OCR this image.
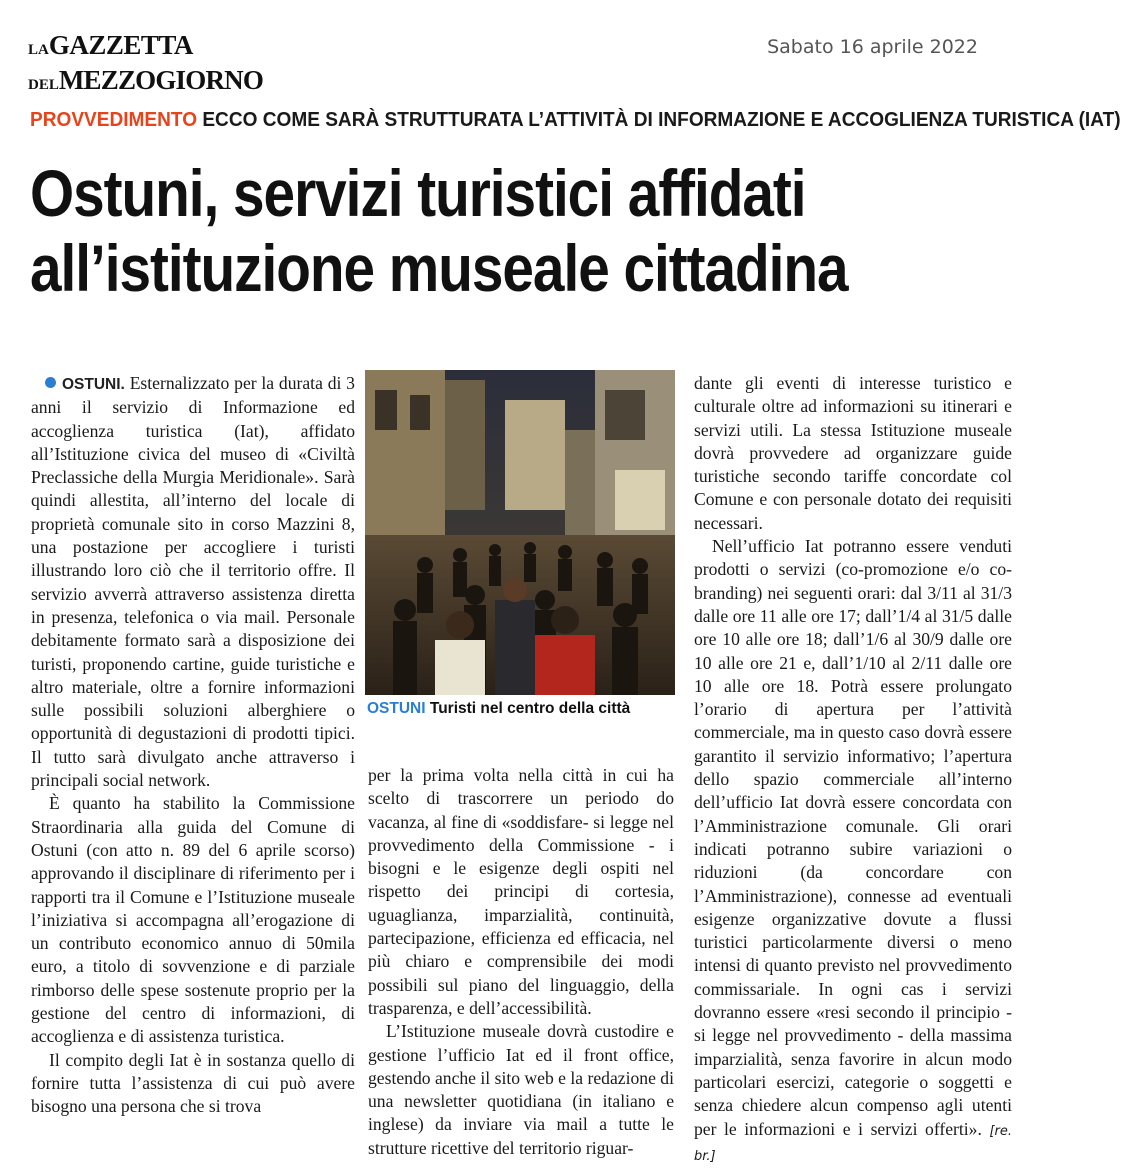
LAGAZZETTA
DELMEZZOGIORNO
Sabato 16 aprile 2022
PROVVEDIMENTO ECCO COME SARÀ STRUTTURATA L’ATTIVITÀ DI INFORMAZIONE E ACCOGLIENZA TURISTICA (IAT)
Ostuni, servizi turistici affidati
all’istituzione museale cittadina

OSTUNI. Esternalizzato per la durata di 3 anni il servizio di Informazione ed accoglienza turistica (Iat), affidato all’Istituzione civica del museo di «Civiltà Preclassiche della Murgia Meridionale». Sarà quindi allestita, all’interno del locale di proprietà comunale sito in corso Mazzini 8, una postazione per accogliere i turisti illustrando loro ciò che il territorio offre. Il servizio avverrà attraverso assistenza diretta in presenza, telefonica o via mail. Personale debitamente formato sarà a disposizione dei turisti, proponendo cartine, guide turistiche e altro materiale, oltre a fornire informazioni sulle possibili soluzioni alberghiere o opportunità di degustazioni di prodotti tipici. Il tutto sarà divulgato anche attraverso i principali social network.

È quanto ha stabilito la Commissione Straordinaria alla guida del Comune di Ostuni (con atto n. 89 del 6 aprile scorso) approvando il disciplinare di riferimento per i rapporti tra il Comune e l’Istituzione museale l’iniziativa si accompagna all’erogazione di un contributo economico annuo di 50mila euro, a titolo di sovvenzione e di parziale rimborso delle spese sostenute proprio per la gestione del centro di informazioni, di accoglienza e di assistenza turistica.

Il compito degli Iat è in sostanza quello di fornire tutta l’assistenza di cui può avere bisogno una persona che si trova

OSTUNI Turisti nel centro della città

per la prima volta nella città in cui ha scelto di trascorrere un periodo do vacanza, al fine di «soddisfare- si legge nel provvedimento della Commissione - i bisogni e le esigenze degli ospiti nel rispetto dei principi di cortesia, uguaglianza, imparzialità, continuità, partecipazione, efficienza ed efficacia, nel più chiaro e comprensibile dei modi possibili sul piano del linguaggio, della trasparenza, e dell’accessibilità.

L’Istituzione museale dovrà custodire e gestione l’ufficio Iat ed il front office, gestendo anche il sito web e la redazione di una newsletter quotidiana (in italiano e inglese) da inviare via mail a tutte le strutture ricettive del territorio riguar-

dante gli eventi di interesse turistico e culturale oltre ad informazioni su itinerari e servizi utili. La stessa Istituzione museale dovrà provvedere ad organizzare guide turistiche secondo tariffe concordate col Comune e con personale dotato dei requisiti necessari.

Nell’ufficio Iat potranno essere venduti prodotti o servizi (co-promozione e/o co-branding) nei seguenti orari: dal 3/11 al 31/3 dalle ore 11 alle ore 17; dall’1/4 al 31/5 dalle ore 10 alle ore 18; dall’1/6 al 30/9 dalle ore 10 alle ore 21 e, dall’1/10 al 2/11 dalle ore 10 alle ore 18. Potrà essere prolungato l’orario di apertura per l’attività commerciale, ma in questo caso dovrà essere garantito il servizio informativo; l’apertura dello spazio commerciale all’interno dell’ufficio Iat dovrà essere concordata con l’Amministrazione comunale. Gli orari indicati potranno subire variazioni o riduzioni (da concordare con l’Amministrazione), connesse ad eventuali esigenze organizzative dovute a flussi turistici particolarmente diversi o meno intensi di quanto previsto nel provvedimento commissariale. In ogni cas i servizi dovranno essere «resi secondo il principio - si legge nel provvedimento - della massima imparzialità, senza favorire in alcun modo particolari esercizi, categorie o soggetti e senza chiedere alcun compenso agli utenti per le informazioni e i servizi offerti». [re. br.]
